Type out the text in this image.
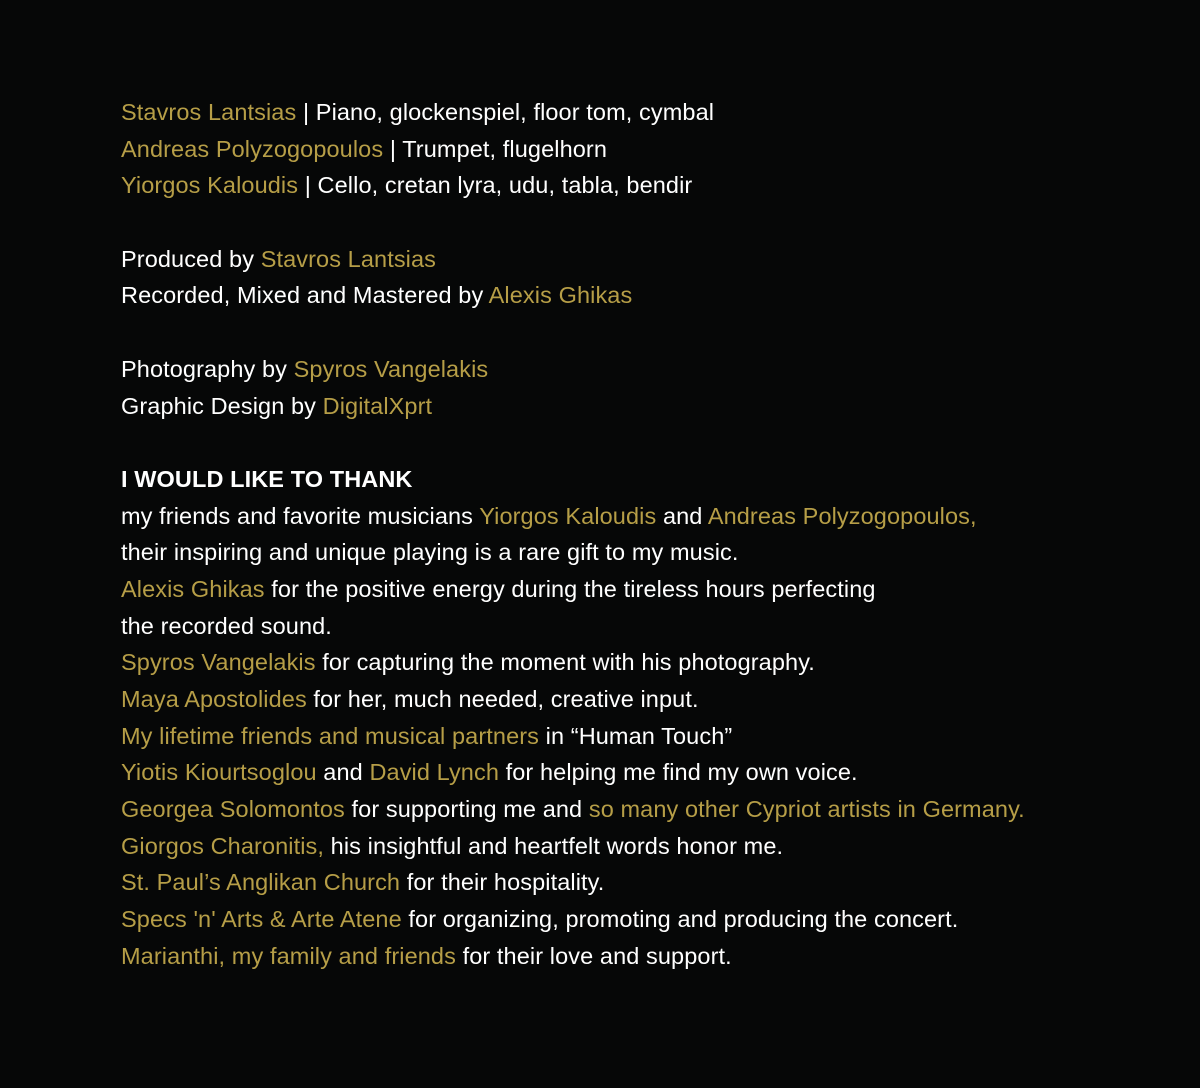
Stavros Lantsias | Piano, glockenspiel, floor tom, cymbal
Andreas Polyzogopoulos | Trumpet, flugelhorn
Yiorgos Kaloudis | Cello, cretan lyra, udu, tabla, bendir
Produced by Stavros Lantsias
Recorded, Mixed and Mastered by Alexis Ghikas
Photography by Spyros Vangelakis
Graphic Design by DigitalXprt
I WOULD LIKE TO THANK
my friends and favorite musicians Yiorgos Kaloudis and Andreas Polyzogopoulos,
their inspiring and unique playing is a rare gift to my music.
Alexis Ghikas for the positive energy during the tireless hours perfecting
the recorded sound.
Spyros Vangelakis for capturing the moment with his photography.
Maya Apostolides for her, much needed, creative input.
My lifetime friends and musical partners in “Human Touch”
Yiotis Kiourtsoglou and David Lynch for helping me find my own voice.
Georgea Solomontos for supporting me and so many other Cypriot artists in Germany.
Giorgos Charonitis, his insightful and heartfelt words honor me.
St. Paul’s Anglikan Church for their hospitality.
Specs 'n' Arts & Arte Atene for organizing, promoting and producing the concert.
Marianthi, my family and friends for their love and support.
